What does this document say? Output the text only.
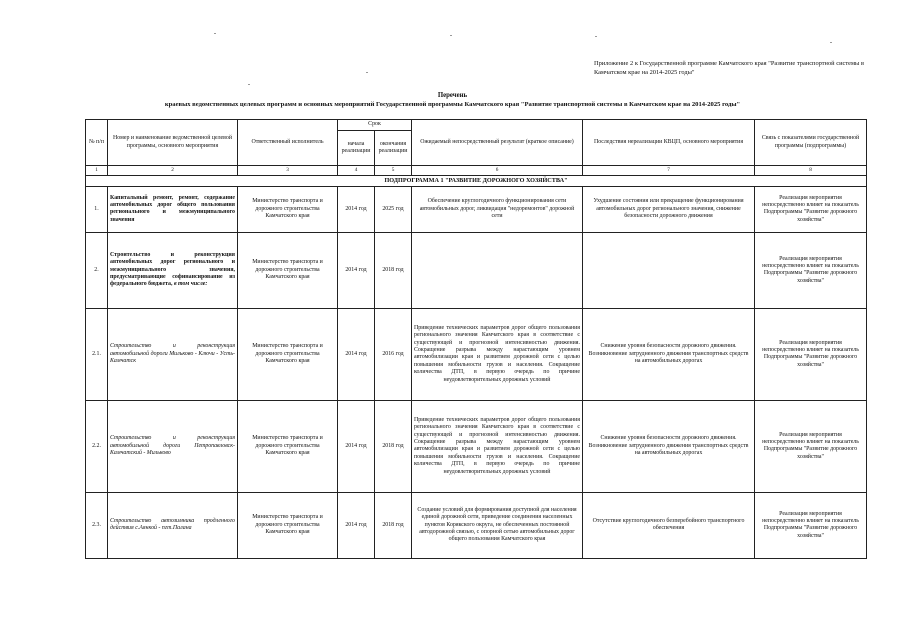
Приложение 2 к Государственной программе Камчатского края "Развитие транспортной системы в Камчатском крае на 2014-2025 годы"
Перечень
краевых ведомственных целевых программ и основных мероприятий Государственной программы Камчатского края "Развитие транспортной системы в Камчатском крае на 2014-2025 годы"
№ п/п	Номер и наименование ведомственной целевой программы, основного мероприятия	Ответственный исполнитель	Срок		Ожидаемый непосредственный результат (краткое описание)	Последствия нереализации КВЦП, основного мероприятия	Связь с показателями государственной программы (подпрограммы)
			начала реализации	окончания реализации			
1	2	3	4	5	6	7	8
ПОДПРОГРАММА 1 "РАЗВИТИЕ ДОРОЖНОГО ХОЗЯЙСТВА"							
1.	Капитальный ремонт, ремонт, содержание автомобильных дорог общего пользования регионального и межмуниципального значения	Министерство транспорта и дорожного строительства Камчатского края	2014 год	2025 год	Обеспечение круглогодичного функционирования сети автомобильных дорог, ликвидация "недоремонтов" дорожной сети	Ухудшение состояния или прекращение функционирования автомобильных дорог регионального значения, снижение безопасности дорожного движения	Реализация мероприятия непосредственно влияет на показатель Подпрограммы "Развитие дорожного хозяйства"
2.	Строительство и реконструкция автомобильных дорог регионального и межмуниципального значения, предусматривающие софинансирование из федерального бюджета, в том числе:	Министерство транспорта и дорожного строительства Камчатского края	2014 год	2018 год			Реализация мероприятия непосредственно влияет на показатель Подпрограммы "Развитие дорожного хозяйства"
2.1.	Строительство и реконструкция автомобильной дороги Мильково - Ключи - Усть-Камчатск	Министерство транспорта и дорожного строительства Камчатского края	2014 год	2016 год	Приведение технических параметров дорог общего пользования регионального значения Камчатского края в соответствие с существующей и прогнозной интенсивностью движения. Сокращение разрыва между нарастающим уровнем автомобилизации края и развитием дорожной сети с целью повышения мобильности грузов и населения. Сокращение количества ДТП, в первую очередь по причине неудовлетворительных дорожных условий	Снижение уровня безопасности дорожного движения. Возникновение затрудненного движения транспортных средств на автомобильных дорогах	Реализация мероприятия непосредственно влияет на показатель Подпрограммы "Развитие дорожного хозяйства"
2.2.	Строительство и реконструкция автомобильной дороги Петропавловск-Камчатский - Мильково	Министерство транспорта и дорожного строительства Камчатского края	2014 год	2018 год	Приведение технических параметров дорог общего пользования регионального значения Камчатского края в соответствие с существующей и прогнозной интенсивностью движения. Сокращение разрыва между нарастающим уровнем автомобилизации края и развитием дорожной сети с целью повышения мобильности грузов и населения. Сокращение количества ДТП, в первую очередь по причине неудовлетворительных дорожных условий	Снижение уровня безопасности дорожного движения. Возникновение затрудненного движения транспортных средств на автомобильных дорогах	Реализация мероприятия непосредственно влияет на показатель Подпрограммы "Развитие дорожного хозяйства"
2.3.	Строительство автозимника продленного действия с.Аянкой - пгт.Палана	Министерство транспорта и дорожного строительства Камчатского края	2014 год	2018 год	Создание условий для формирования доступной для населения единой дорожной сети, приведение соединения населенных пунктов Корякского округа, не обеспеченных постоянной автодорожной связью, с опорной сетью автомобильных дорог общего пользования Камчатского края	Отсутствие круглогодичного безперебойного транспортного обеспечения	Реализация мероприятия непосредственно влияет на показатель Подпрограммы "Развитие дорожного хозяйства"
